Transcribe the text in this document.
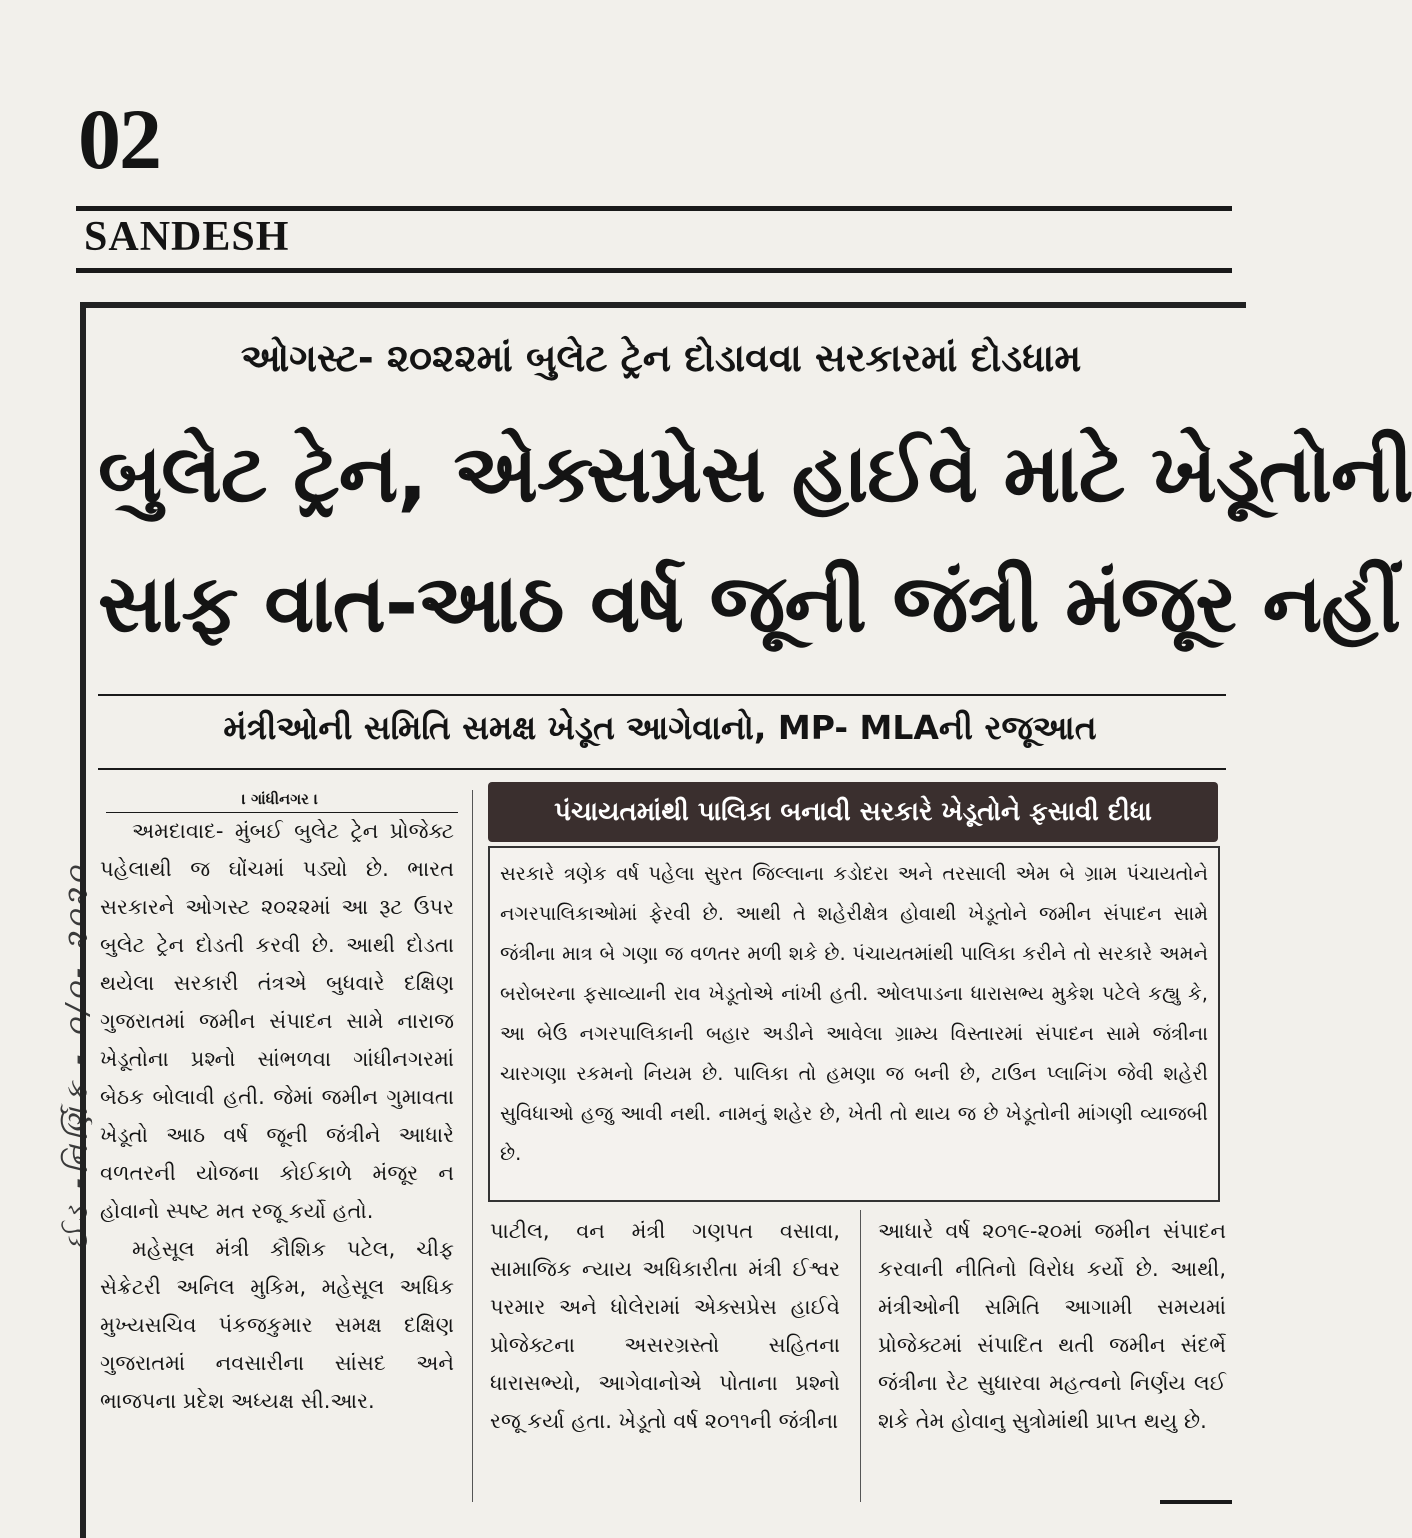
02
SANDESH
ઈડ -નિર્ણિક - ૦/૦- ૨૦૨૦
ઓગસ્ટ- ૨૦૨૨માં બુલેટ ટ્રેન દોડાવવા સરકારમાં દોડધામ
બુલેટ ટ્રેન, એક્સપ્રેસ હાઈવે માટે ખેડૂતોની
સાફ વાત-આઠ વર્ષ જૂની જંત્રી મંજૂર નહીં
મંત્રીઓની સમિતિ સમક્ષ ખેડૂત આગેવાનો, MP- MLAની રજૂઆત
। ગાંધીનગર ।

અમદાવાદ- મુંબઈ બુલેટ ટ્રેન પ્રોજેક્ટ પહેલાથી જ ઘોંચમાં પડ્યો છે. ભારત સરકારને ઓગસ્ટ ૨૦૨૨માં આ રૂટ ઉપર બુલેટ ટ્રેન દોડતી કરવી છે. આથી દોડતા થયેલા સરકારી તંત્રએ બુધવારે દક્ષિણ ગુજરાતમાં જમીન સંપાદન સામે નારાજ ખેડૂતોના પ્રશ્નો સાંભળવા ગાંધીનગરમાં બેઠક બોલાવી હતી. જેમાં જમીન ગુમાવતા ખેડૂતો આઠ વર્ષ જૂની જંત્રીને આધારે વળતરની યોજના કોઈકાળે મંજૂર ન હોવાનો સ્પષ્ટ મત રજૂ કર્યો હતો.

મહેસૂલ મંત્રી કૌશિક પટેલ, ચીફ સેક્રેટરી અનિલ મુકિમ, મહેસૂલ અધિક મુખ્યસચિવ પંકજકુમાર સમક્ષ દક્ષિણ ગુજરાતમાં નવસારીના સાંસદ અને ભાજપના પ્રદેશ અધ્યક્ષ સી.આર.

પંચાયતમાંથી પાલિકા બનાવી સરકારે ખેડૂતોને ફસાવી દીધા
સરકારે ત્રણેક વર્ષ પહેલા સુરત જિલ્લાના કડોદરા અને તરસાલી એમ બે ગ્રામ પંચાયતોને નગરપાલિકાઓમાં ફેરવી છે. આથી તે શહેરીક્ષેત્ર હોવાથી ખેડૂતોને જમીન સંપાદન સામે જંત્રીના માત્ર બે ગણા જ વળતર મળી શકે છે. પંચાયતમાંથી પાલિકા કરીને તો સરકારે અમને બરોબરના ફસાવ્યાની રાવ ખેડૂતોએ નાંખી હતી. ઓલપાડના ધારાસભ્ય મુકેશ પટેલે કહ્યુ કે, આ બેઉ નગરપાલિકાની બહાર અડીને આવેલા ગ્રામ્ય વિસ્તારમાં સંપાદન સામે જંત્રીના ચારગણા રકમનો નિયમ છે. પાલિકા તો હમણા જ બની છે, ટાઉન પ્લાનિંગ જેવી શહેરી સુવિધાઓ હજુ આવી નથી. નામનું શહેર છે, ખેતી તો થાય જ છે ખેડૂતોની માંગણી વ્યાજબી છે.
પાટીલ, વન મંત્રી ગણપત વસાવા, સામાજિક ન્યાય અધિકારીતા મંત્રી ઈશ્વર પરમાર અને ધોલેરામાં એક્સપ્રેસ હાઈવે પ્રોજેક્ટના અસરગ્રસ્તો સહિતના ધારાસભ્યો, આગેવાનોએ પોતાના પ્રશ્નો રજૂ કર્યા હતા. ખેડૂતો વર્ષ ૨૦૧૧ની જંત્રીના
આધારે વર્ષ ૨૦૧૯-૨૦માં જમીન સંપાદન કરવાની નીતિનો વિરોધ કર્યો છે. આથી, મંત્રીઓની સમિતિ આગામી સમયમાં પ્રોજેક્ટમાં સંપાદિત થતી જમીન સંદર્ભે જંત્રીના રેટ સુધારવા મહત્વનો નિર્ણય લઈ શકે તેમ હોવાનુ સુત્રોમાંથી પ્રાપ્ત થયુ છે.
